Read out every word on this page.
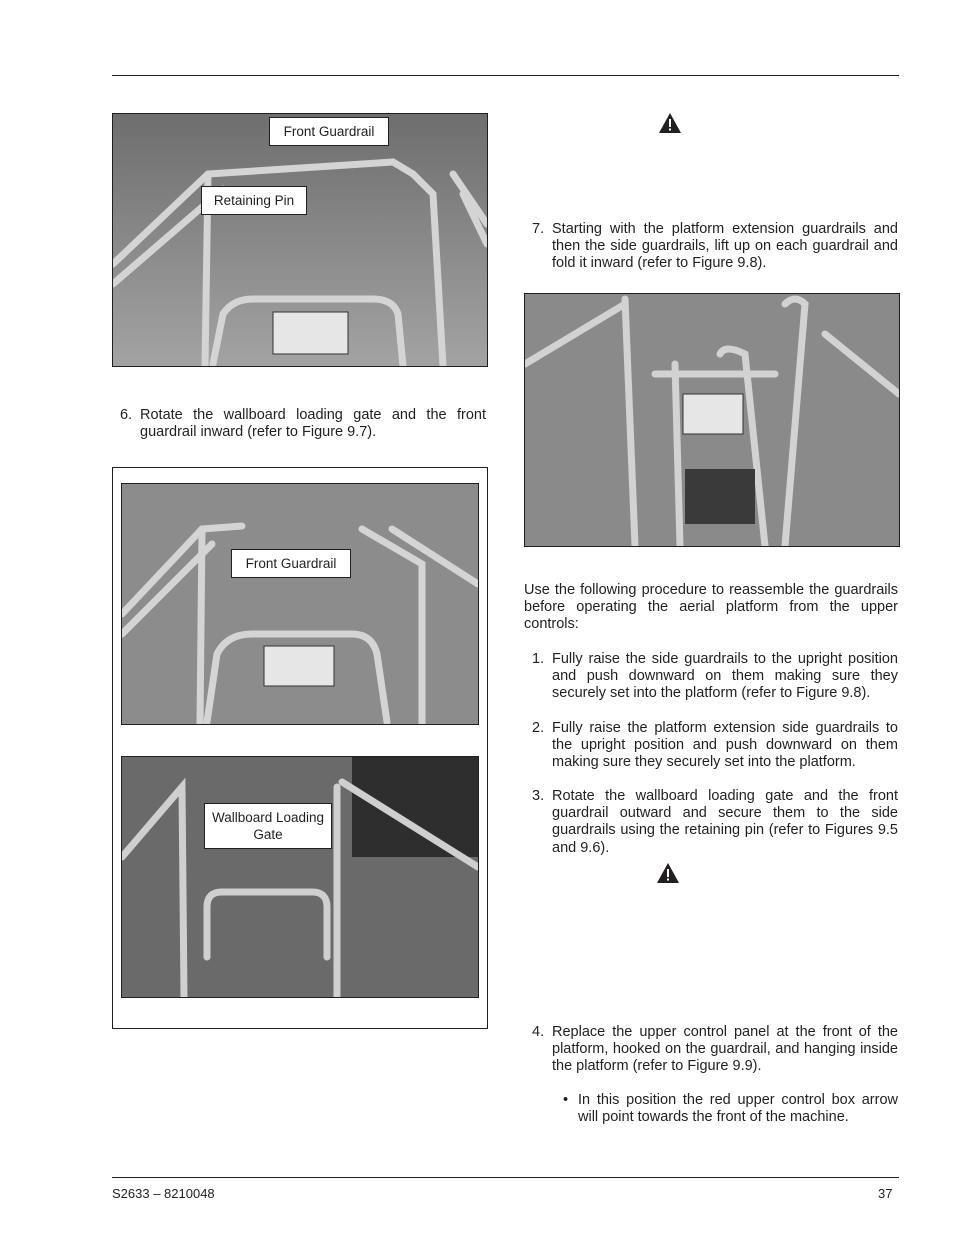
Front Guardrail
Retaining Pin
6. Rotate the wallboard loading gate and the front guardrail inward (refer to Figure 9.7).
Front Guardrail
Wallboard Loading Gate
7. Starting with the platform extension guardrails and then the side guardrails, lift up on each guardrail and fold it inward (refer to Figure 9.8).
Use the following procedure to reassemble the guardrails before operating the aerial platform from the upper controls:
1. Fully raise the side guardrails to the upright position and push downward on them making sure they securely set into the platform (refer to Figure 9.8).
2. Fully raise the platform extension side guardrails to the upright position and push downward on them making sure they securely set into the platform.
3. Rotate the wallboard loading gate and the front guardrail outward and secure them to the side guardrails using the retaining pin (refer to Figures 9.5 and 9.6).
4. Replace the upper control panel at the front of the platform, hooked on the guardrail, and hanging inside the platform (refer to Figure 9.9).
• In this position the red upper control box arrow will point towards the front of the machine.
S2633 – 8210048	37
